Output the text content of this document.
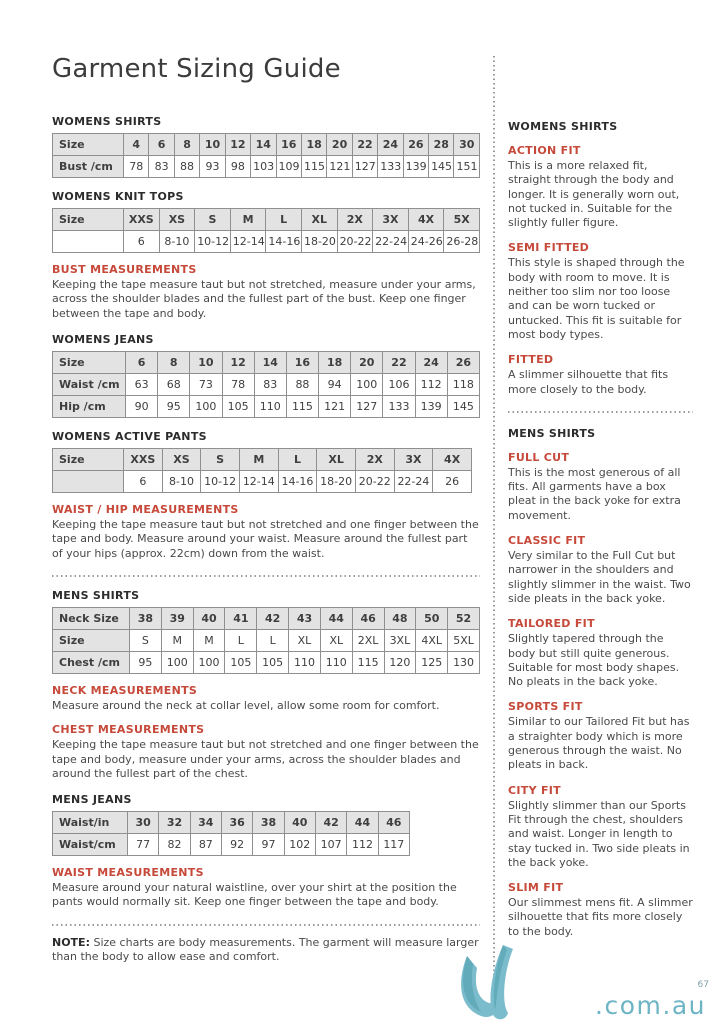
Garment Sizing Guide
WOMENS SHIRTS
Size	4	6	8	10	12	14	16	18	20	22	24	26	28	30
Bust /cm	78	83	88	93	98	103	109	115	121	127	133	139	145	151
WOMENS KNIT TOPS
Size	XXS	XS	S	M	L	XL	2X	3X	4X	5X
	6	8-10	10-12	12-14	14-16	18-20	20-22	22-24	24-26	26-28
BUST MEASUREMENTS

Keeping the tape measure taut but not stretched, measure under your arms, across the shoulder blades and the fullest part of the bust. Keep one finger between the tape and body.

WOMENS JEANS
Size	6	8	10	12	14	16	18	20	22	24	26
Waist /cm	63	68	73	78	83	88	94	100	106	112	118
Hip /cm	90	95	100	105	110	115	121	127	133	139	145
WOMENS ACTIVE PANTS
Size	XXS	XS	S	M	L	XL	2X	3X	4X
	6	8-10	10-12	12-14	14-16	18-20	20-22	22-24	26
WAIST / HIP MEASUREMENTS

Keeping the tape measure taut but not stretched and one finger between the tape and body. Measure around your waist. Measure around the fullest part of your hips (approx. 22cm) down from the waist.

MENS SHIRTS
Neck Size	38	39	40	41	42	43	44	46	48	50	52
Size	S	M	M	L	L	XL	XL	2XL	3XL	4XL	5XL
Chest /cm	95	100	100	105	105	110	110	115	120	125	130
NECK MEASUREMENTS

Measure around the neck at collar level, allow some room for comfort.

CHEST MEASUREMENTS

Keeping the tape measure taut but not stretched and one finger between the tape and body, measure under your arms, across the shoulder blades and around the fullest part of the chest.

MENS JEANS
Waist/in	30	32	34	36	38	40	42	44	46
Waist/cm	77	82	87	92	97	102	107	112	117
WAIST MEASUREMENTS

Measure around your natural waistline, over your shirt at the position the pants would normally sit. Keep one finger between the tape and body.

NOTE: Size charts are body measurements. The garment will measure larger than the body to allow ease and comfort.

WOMENS SHIRTS
ACTION FIT

This is a more relaxed fit, straight through the body and longer. It is generally worn out, not tucked in. Suitable for the slightly fuller figure.

SEMI FITTED

This style is shaped through the body with room to move. It is neither too slim nor too loose and can be worn tucked or untucked. This fit is suitable for most body types.

FITTED

A slimmer silhouette that fits more closely to the body.

MENS SHIRTS
FULL CUT

This is the most generous of all fits. All garments have a box pleat in the back yoke for extra movement.

CLASSIC FIT

Very similar to the Full Cut but narrower in the shoulders and slightly slimmer in the waist. Two side pleats in the back yoke.

TAILORED FIT

Slightly tapered through the body but still quite generous. Suitable for most body shapes. No pleats in the back yoke.

SPORTS FIT

Similar to our Tailored Fit but has a straighter body which is more generous through the waist. No pleats in back.

CITY FIT

Slightly slimmer than our Sports Fit through the chest, shoulders and waist. Longer in length to stay tucked in. Two side pleats in the back yoke.

SLIM FIT

Our slimmest mens fit. A slimmer silhouette that fits more closely to the body.

67
.com.au
